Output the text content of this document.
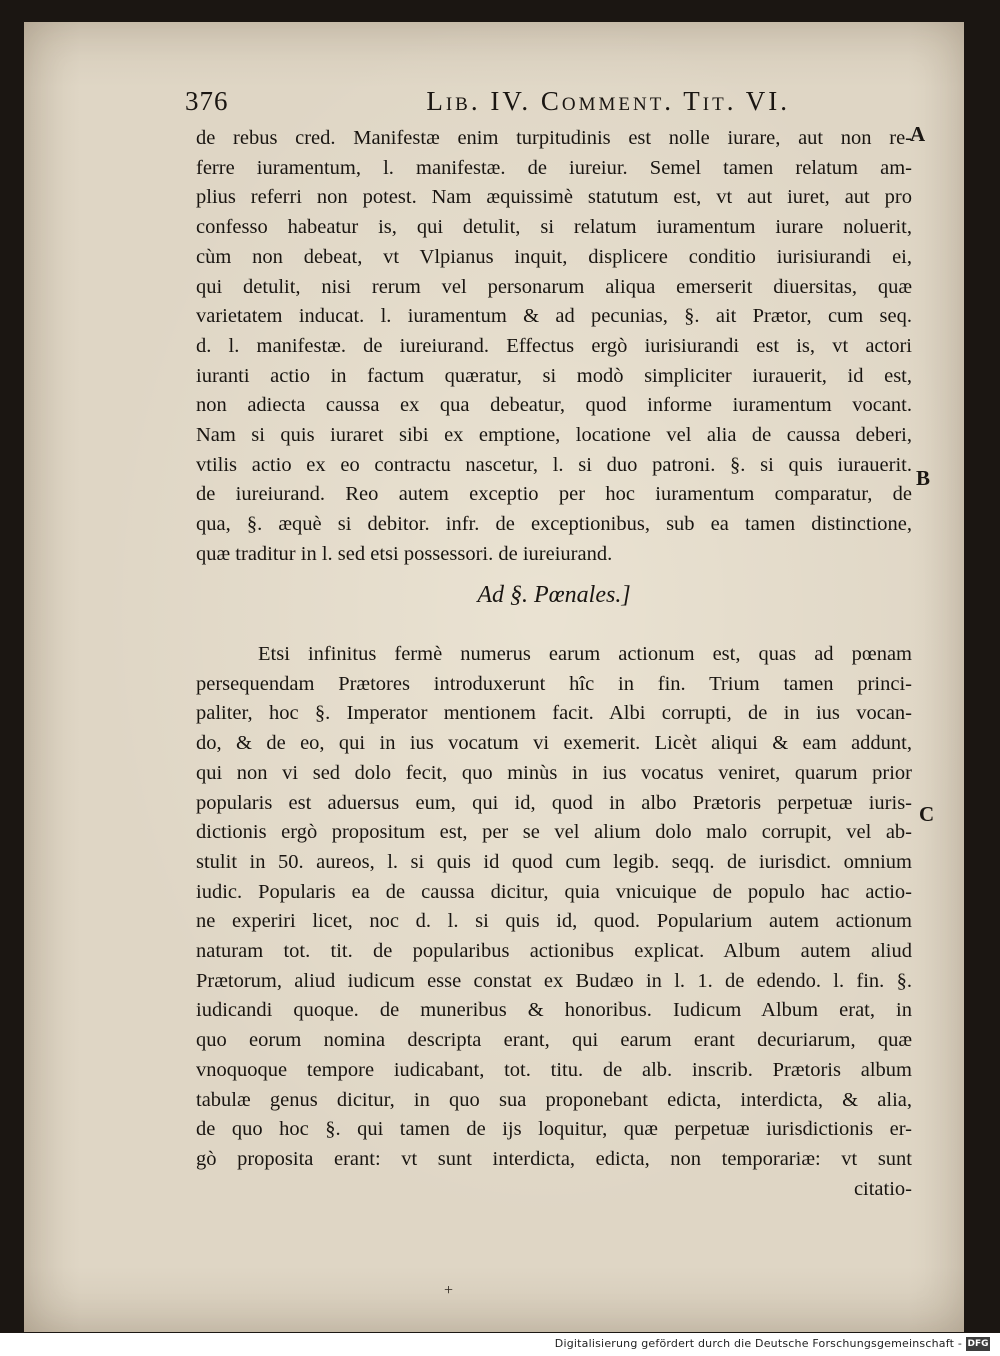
376	Lib. IV. Comment. Tit. VI.
A
B
C
de rebus cred. Manifestæ enim turpitudinis est nolle iurare, aut non re-
ferre iuramentum, l. manifestæ. de iureiur. Semel tamen relatum am-
plius referri non potest. Nam æquissimè statutum est, vt aut iuret, aut pro
confesso habeatur is, qui detulit, si relatum iuramentum iurare noluerit,
cùm non debeat, vt Vlpianus inquit, displicere conditio iurisiurandi ei,
qui detulit, nisi rerum vel personarum aliqua emerserit diuersitas, quæ
varietatem inducat. l. iuramentum & ad pecunias, §. ait Prætor, cum seq.
d. l. manifestæ. de iureiurand. Effectus ergò iurisiurandi est is, vt actori
iuranti actio in factum quæratur, si modò simpliciter iurauerit, id est,
non adiecta caussa ex qua debeatur, quod informe iuramentum vocant.
Nam si quis iuraret sibi ex emptione, locatione vel alia de caussa deberi,
vtilis actio ex eo contractu nascetur, l. si duo patroni. §. si quis iurauerit.
de iureiurand. Reo autem exceptio per hoc iuramentum comparatur, de
qua, §. æquè si debitor. infr. de exceptionibus, sub ea tamen distinctione,
quæ traditur in l. sed etsi possessori. de iureiurand.
Ad §. Pœnales.]
Etsi infinitus fermè numerus earum actionum est, quas ad pœnam
persequendam Prætores introduxerunt hîc in fin. Trium tamen princi-
paliter, hoc §. Imperator mentionem facit. Albi corrupti, de in ius vocan-
do, & de eo, qui in ius vocatum vi exemerit. Licèt aliqui & eam addunt,
qui non vi sed dolo fecit, quo minùs in ius vocatus veniret, quarum prior
popularis est aduersus eum, qui id, quod in albo Prætoris perpetuæ iuris-
dictionis ergò propositum est, per se vel alium dolo malo corrupit, vel ab-
stulit in 50. aureos, l. si quis id quod cum legib. seqq. de iurisdict. omnium
iudic. Popularis ea de caussa dicitur, quia vnicuique de populo hac actio-
ne experiri licet, noc d. l. si quis id, quod. Popularium autem actionum
naturam tot. tit. de popularibus actionibus explicat. Album autem aliud
Prætorum, aliud iudicum esse constat ex Budæo in l. 1. de edendo. l. fin. §.
iudicandi quoque. de muneribus & honoribus. Iudicum Album erat, in
quo eorum nomina descripta erant, qui earum erant decuriarum, quæ
vnoquoque tempore iudicabant, tot. titu. de alb. inscrib. Prætoris album
tabulæ genus dicitur, in quo sua proponebant edicta, interdicta, & alia,
de quo hoc §. qui tamen de ijs loquitur, quæ perpetuæ iurisdictionis er-
gò proposita erant: vt sunt interdicta, edicta, non temporariæ: vt sunt
citatio-
+
Digitalisierung gefördert durch die Deutsche Forschungsgemeinschaft - DFG
